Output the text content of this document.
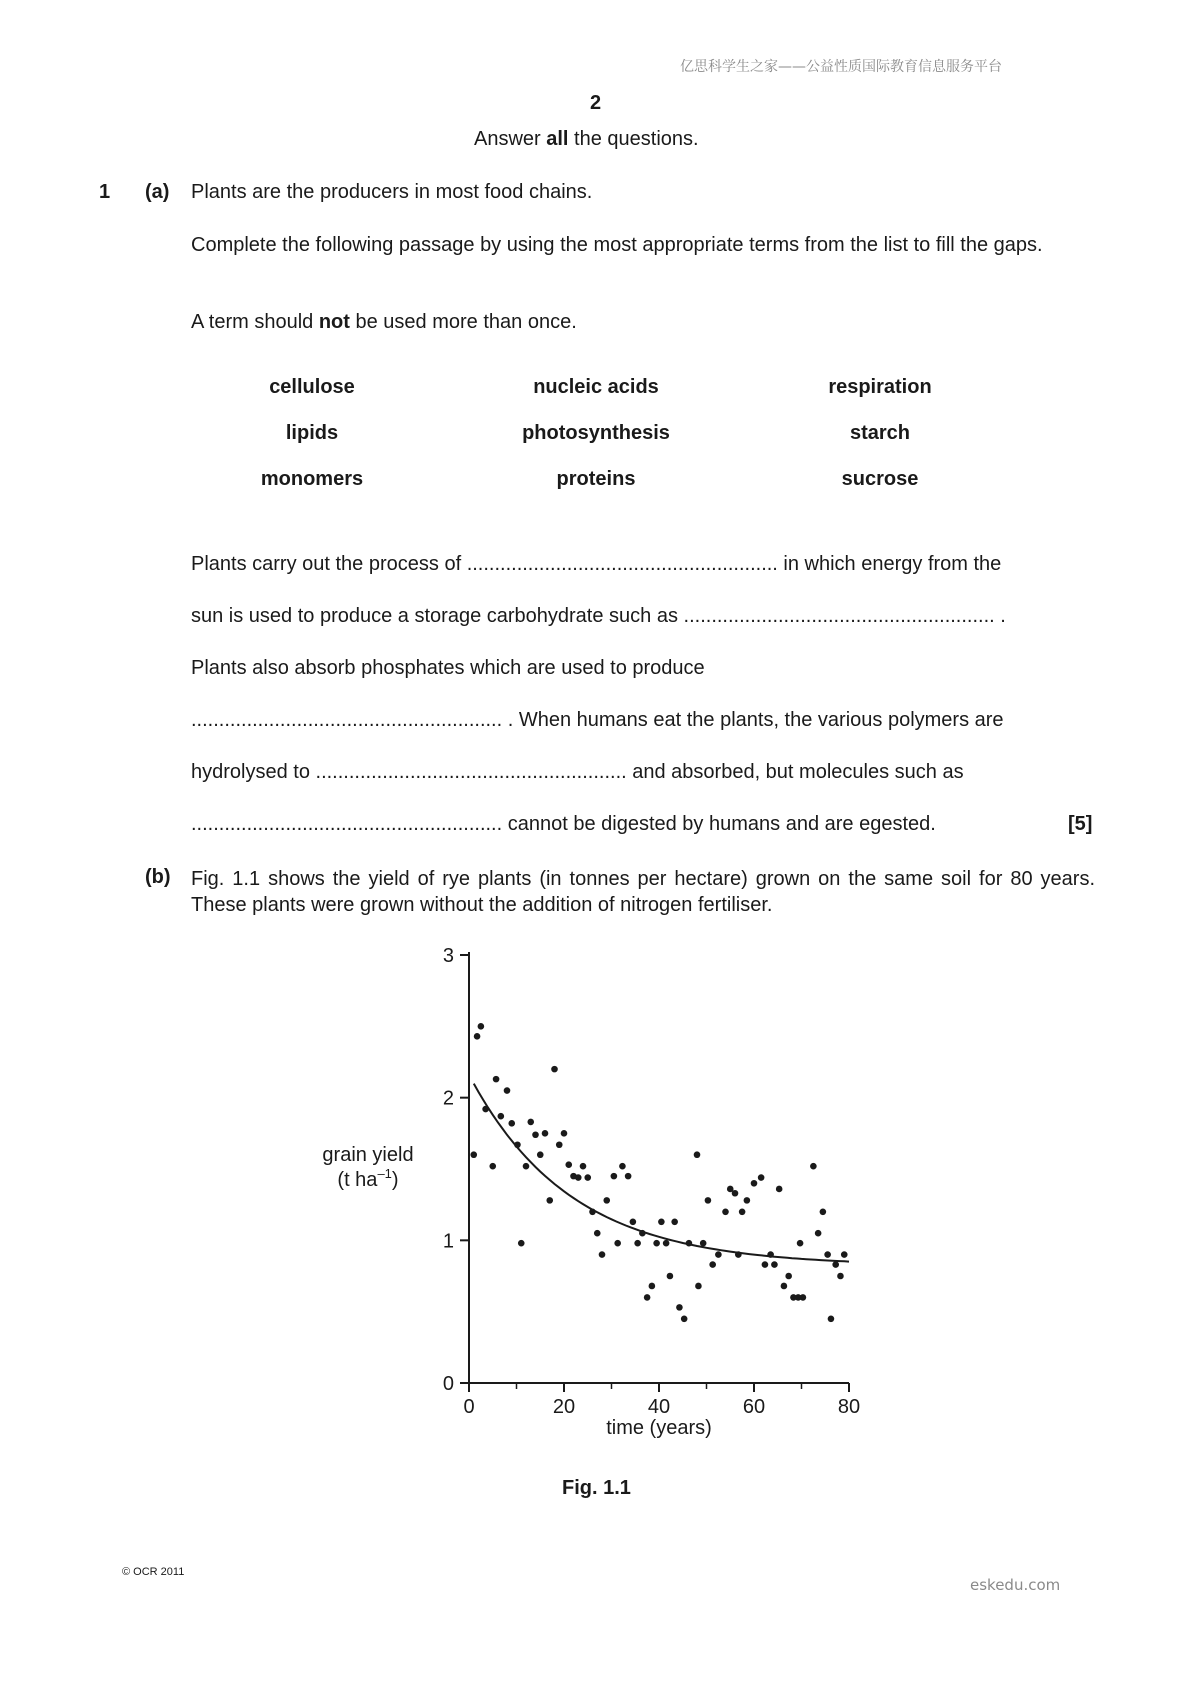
亿思科学生之家——公益性质国际教育信息服务平台
2
Answer all the questions.
1 (a) Plants are the producers in most food chains.
Complete the following passage by using the most appropriate terms from the list to fill the gaps.
A term should not be used more than once.
cellulose	nucleic acids	respiration
lipids	photosynthesis	starch
monomers	proteins	sucrose
Plants carry out the process of ........................................................ in which energy from the
sun is used to produce a storage carbohydrate such as ........................................................ .
Plants also absorb phosphates which are used to produce
........................................................ . When humans eat the plants, the various polymers are
hydrolysed to ........................................................ and absorbed, but molecules such as
........................................................ cannot be digested by humans and are egested.	[5]
(b) Fig. 1.1 shows the yield of rye plants (in tonnes per hectare) grown on the same soil for 80 years. These plants were grown without the addition of nitrogen fertiliser.
0
1
2
3
0	20	40	60	80
grain yield
(t $ha^{-1}$)
time (years)
Fig. 1.1
© OCR 2011
eskedu.com
